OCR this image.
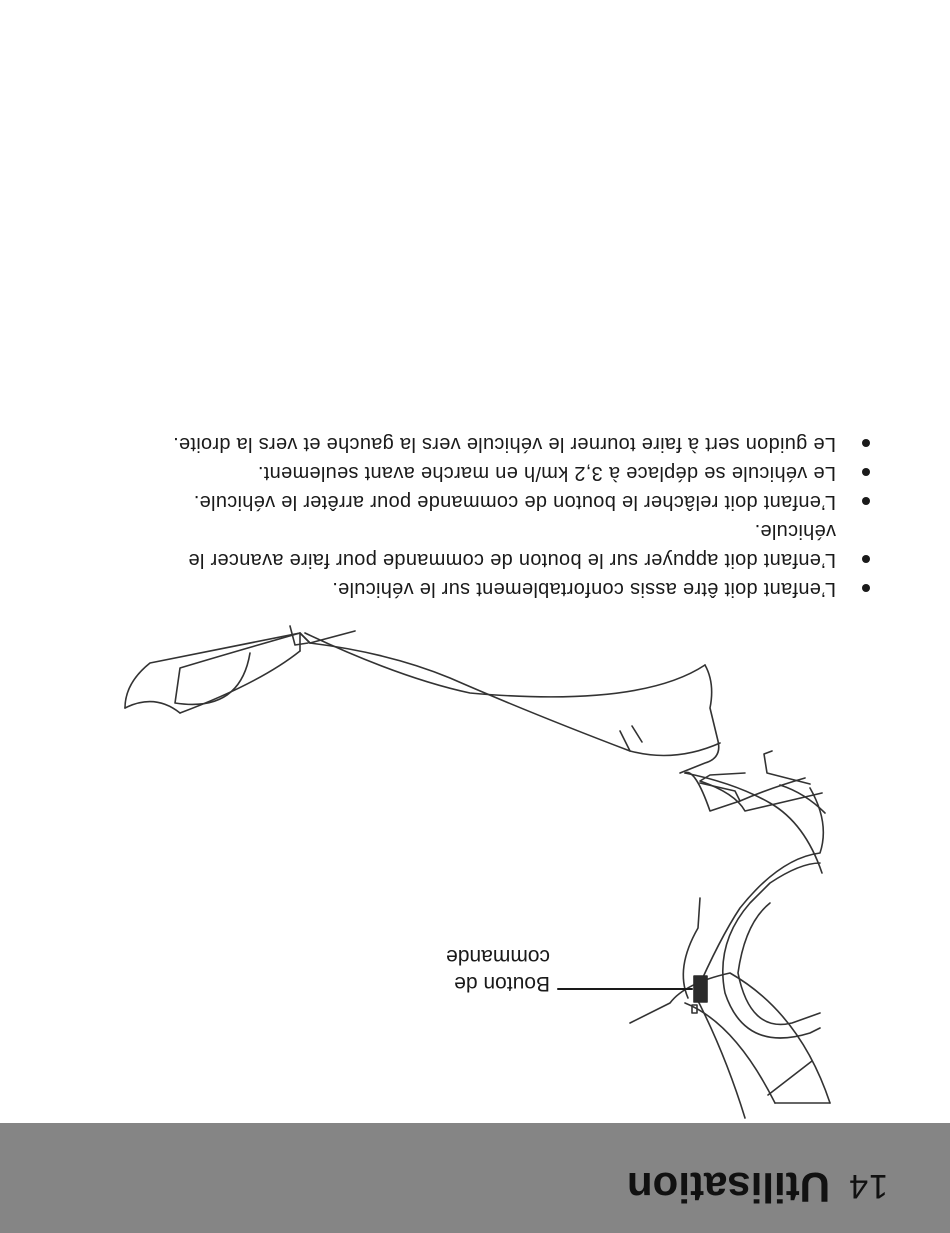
14
Utilisation
Bouton de
commande
L’enfant doit être assis confortablement sur le véhicule.
L’enfant doit appuyer sur le bouton de commande pour faire avancer le véhicule.
L’enfant doit relâcher le bouton de commande pour arrêter le véhicule.
Le véhicule se déplace à 3,2 km/h en marche avant seulement.
Le guidon sert à faire tourner le véhicule vers la gauche et vers la droite.
